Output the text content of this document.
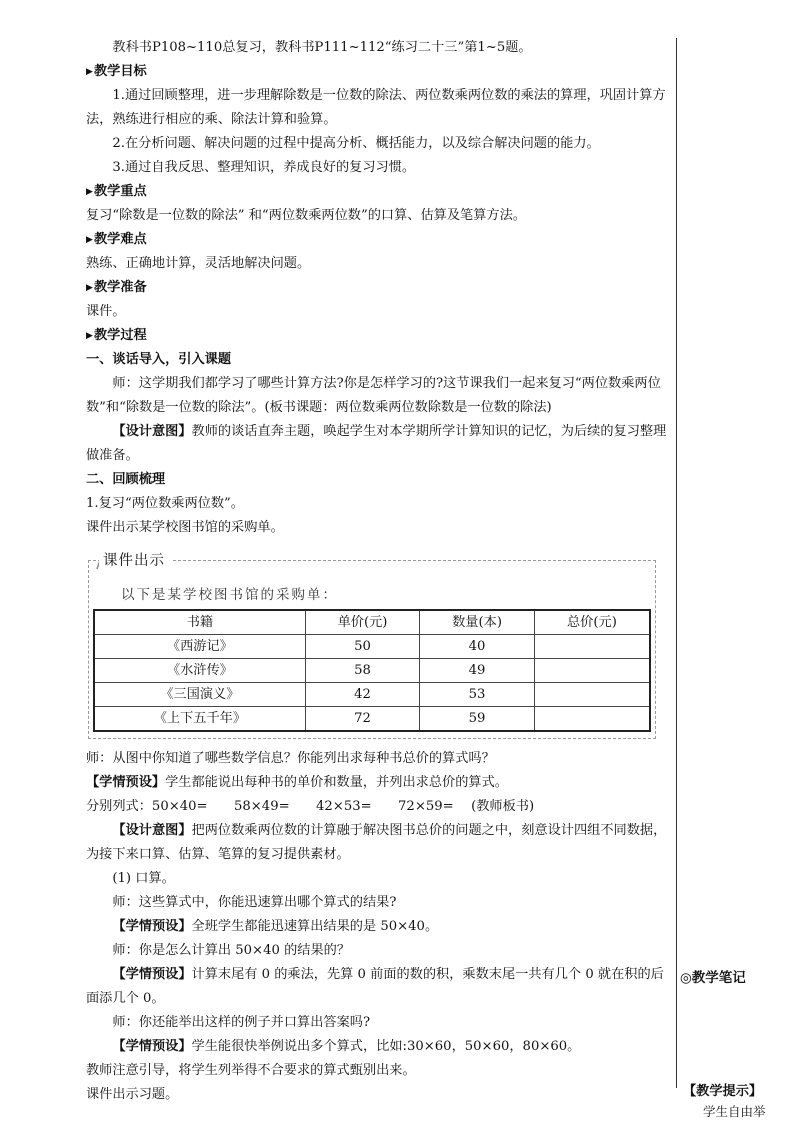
教科书P108~110总复习，教科书P111~112“练习二十三”第1~5题。

▶教学目标

1.通过回顾整理，进一步理解除数是一位数的除法、两位数乘两位数的乘法的算理，巩固计算方法，熟练进行相应的乘、除法计算和验算。

2.在分析问题、解决问题的过程中提高分析、概括能力，以及综合解决问题的能力。

3.通过自我反思、整理知识，养成良好的复习习惯。

▶教学重点

复习“除数是一位数的除法” 和“两位数乘两位数”的口算、估算及笔算方法。

▶教学难点

熟练、正确地计算，灵活地解决问题。

▶教学准备

课件。

▶教学过程

一、谈话导入，引入课题

师：这学期我们都学习了哪些计算方法?你是怎样学习的?这节课我们一起来复习“两位数乘两位数”和“除数是一位数的除法”。(板书课题：两位数乘两位数除数是一位数的除法)

【设计意图】教师的谈话直奔主题，唤起学生对本学期所学计算知识的记忆，为后续的复习整理做准备。

二、回顾梳理

1.复习“两位数乘两位数”。

课件出示某学校图书馆的采购单。

课件出示
以下是某学校图书馆的采购单：
书籍	单价(元)	数量(本)	总价(元)
《西游记》	50	40	
《水浒传》	58	49	
《三国演义》	42	53	
《上下五千年》	72	59	

师：从图中你知道了哪些数学信息？你能列出求每种书总价的算式吗？

【学情预设】学生都能说出每种书的单价和数量，并列出求总价的算式。

分别列式：50×40=　　58×49=　　42×53=　　72×59=　 (教师板书)

【设计意图】把两位数乘两位数的计算融于解决图书总价的问题之中，刻意设计四组不同数据，为接下来口算、估算、笔算的复习提供素材。

(1) 口算。

师：这些算式中，你能迅速算出哪个算式的结果?

【学情预设】全班学生都能迅速算出结果的是 50×40。

师：你是怎么计算出 50×40 的结果的？

【学情预设】计算末尾有 0 的乘法，先算 0 前面的数的积，乘数末尾一共有几个 0 就在积的后面添几个 0。

师：你还能举出这样的例子并口算出答案吗?

【学情预设】学生能很快举例说出多个算式，比如:30×60，50×60，80×60。

教师注意引导，将学生列举得不合要求的算式甄别出来。

课件出示习题。

◎教学笔记
【教学提示】
学生自由举
